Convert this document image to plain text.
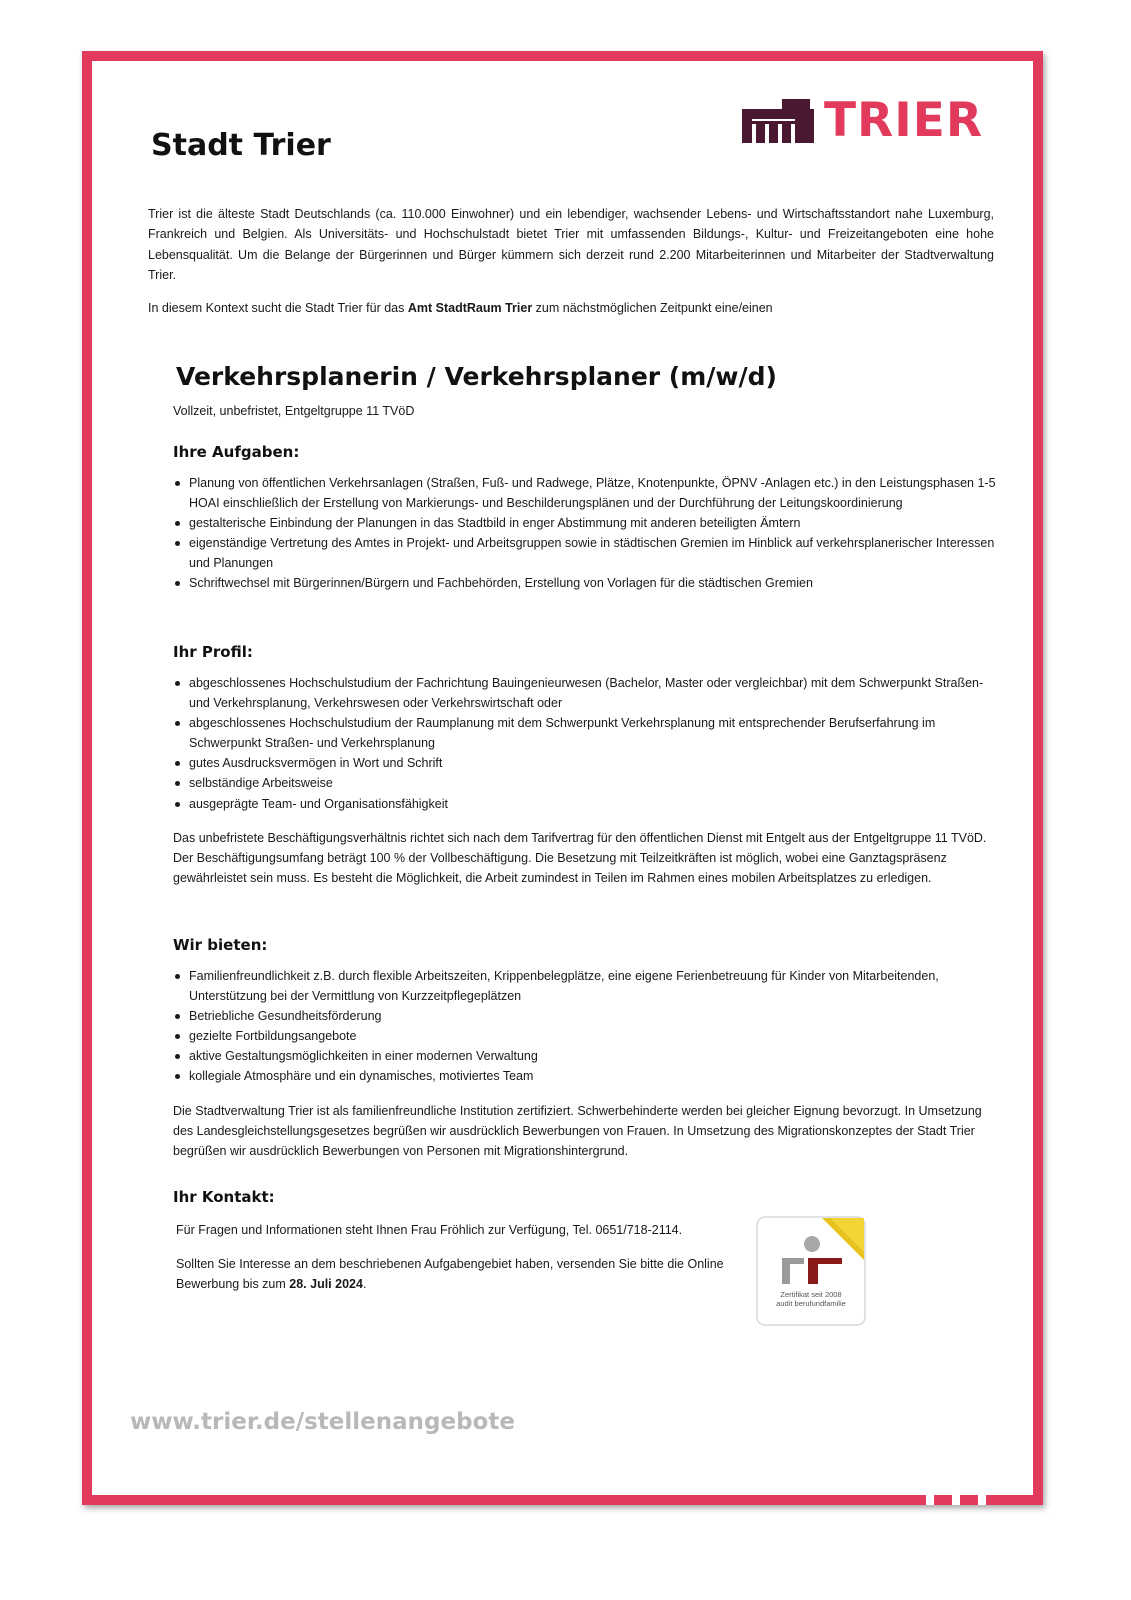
TRIER
Stadt Trier

Trier ist die älteste Stadt Deutschlands (ca. 110.000 Einwohner) und ein lebendiger, wachsender Lebens- und Wirtschaftsstandort nahe Luxemburg, Frankreich und Belgien. Als Universitäts- und Hochschulstadt bietet Trier mit umfassenden Bildungs-, Kultur- und Freizeitangeboten eine hohe Lebensqualität. Um die Belange der Bürgerinnen und Bürger kümmern sich derzeit rund 2.200 Mitarbeiterinnen und Mitarbeiter der Stadtverwaltung Trier.

In diesem Kontext sucht die Stadt Trier für das Amt StadtRaum Trier zum nächstmöglichen Zeitpunkt eine/einen

Verkehrsplanerin / Verkehrsplaner (m/w/d)

Vollzeit, unbefristet, Entgeltgruppe 11 TVöD

Ihre Aufgaben:
Planung von öffentlichen Verkehrsanlagen (Straßen, Fuß- und Radwege, Plätze, Knotenpunkte, ÖPNV -Anlagen etc.) in den Leistungsphasen 1-5 HOAI einschließlich der Erstellung von Markierungs- und Beschilderungsplänen und der Durchführung der Leitungskoordinierung
gestalterische Einbindung der Planungen in das Stadtbild in enger Abstimmung mit anderen beteiligten Ämtern
eigenständige Vertretung des Amtes in Projekt- und Arbeitsgruppen sowie in städtischen Gremien im Hinblick auf verkehrsplanerischer Interessen und Planungen
Schriftwechsel mit Bürgerinnen/Bürgern und Fachbehörden, Erstellung von Vorlagen für die städtischen Gremien
Ihr Profil:
abgeschlossenes Hochschulstudium der Fachrichtung Bauingenieurwesen (Bachelor, Master oder vergleichbar) mit dem Schwerpunkt Straßen- und Verkehrsplanung, Verkehrswesen oder Verkehrswirtschaft oder
abgeschlossenes Hochschulstudium der Raumplanung mit dem Schwerpunkt Verkehrsplanung mit entsprechender Berufserfahrung im Schwerpunkt Straßen- und Verkehrsplanung
gutes Ausdrucksvermögen in Wort und Schrift
selbständige Arbeitsweise
ausgeprägte Team- und Organisationsfähigkeit

Das unbefristete Beschäftigungsverhältnis richtet sich nach dem Tarifvertrag für den öffentlichen Dienst mit Entgelt aus der Entgeltgruppe 11 TVöD. Der Beschäftigungsumfang beträgt 100 % der Vollbeschäftigung. Die Besetzung mit Teilzeitkräften ist möglich, wobei eine Ganztagspräsenz gewährleistet sein muss. Es besteht die Möglichkeit, die Arbeit zumindest in Teilen im Rahmen eines mobilen Arbeitsplatzes zu erledigen.

Wir bieten:
Familienfreundlichkeit z.B. durch flexible Arbeitszeiten, Krippenbelegplätze, eine eigene Ferienbetreuung für Kinder von Mitarbeitenden, Unterstützung bei der Vermittlung von Kurzzeitpflegeplätzen
Betriebliche Gesundheitsförderung
gezielte Fortbildungsangebote
aktive Gestaltungsmöglichkeiten in einer modernen Verwaltung
kollegiale Atmosphäre und ein dynamisches, motiviertes Team

Die Stadtverwaltung Trier ist als familienfreundliche Institution zertifiziert. Schwerbehinderte werden bei gleicher Eignung bevorzugt. In Umsetzung des Landesgleichstellungsgesetzes begrüßen wir ausdrücklich Bewerbungen von Frauen. In Umsetzung des Migrationskonzeptes der Stadt Trier begrüßen wir ausdrücklich Bewerbungen von Personen mit Migrationshintergrund.

Ihr Kontakt:

Für Fragen und Informationen steht Ihnen Frau Fröhlich zur Verfügung, Tel. 0651/718-2114.

Sollten Sie Interesse an dem beschriebenen Aufgabengebiet haben, versenden Sie bitte die Online Bewerbung bis zum 28. Juli 2024.

Zertifikat seit 2008
audit berufundfamilie
www.trier.de/stellenangebote
